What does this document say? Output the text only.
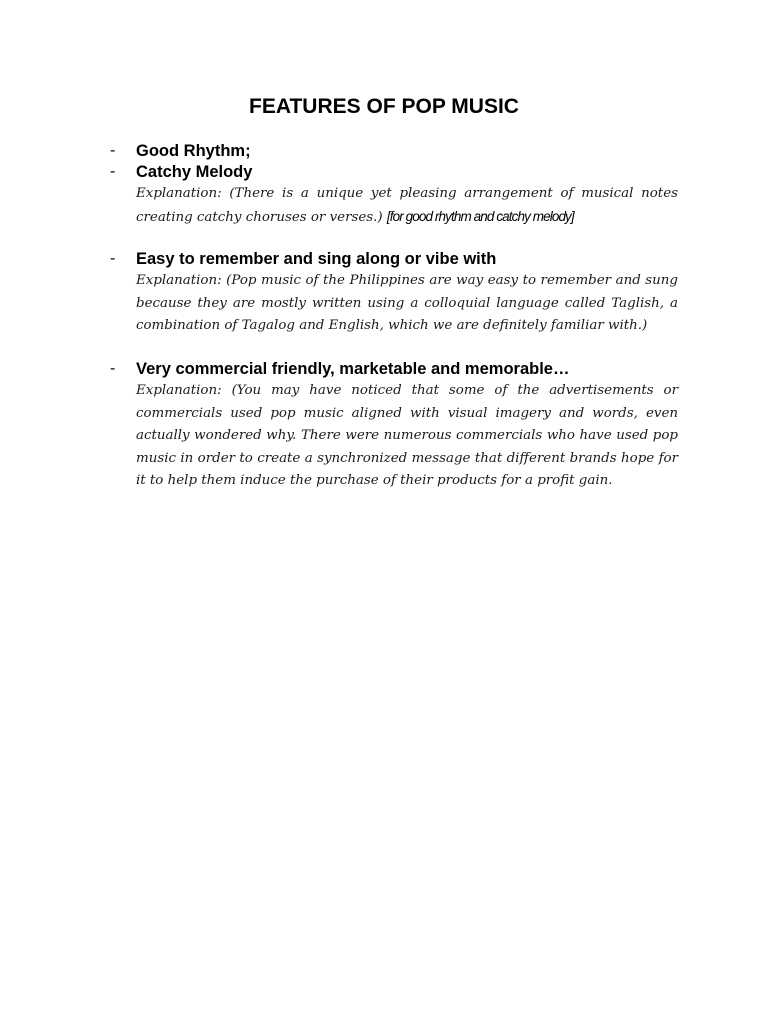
FEATURES OF POP MUSIC
- Good Rhythm;
- Catchy Melody
Explanation: (There is a unique yet pleasing arrangement of musical notes creating catchy choruses or verses.) [for good rhythm and catchy melody]
- Easy to remember and sing along or vibe with
Explanation: (Pop music of the Philippines are way easy to remember and sung because they are mostly written using a colloquial language called Taglish, a combination of Tagalog and English, which we are definitely familiar with.)
- Very commercial friendly, marketable and memorable…
Explanation: (You may have noticed that some of the advertisements or commercials used pop music aligned with visual imagery and words, even actually wondered why. There were numerous commercials who have used pop music in order to create a synchronized message that different brands hope for it to help them induce the purchase of their products for a profit gain.
